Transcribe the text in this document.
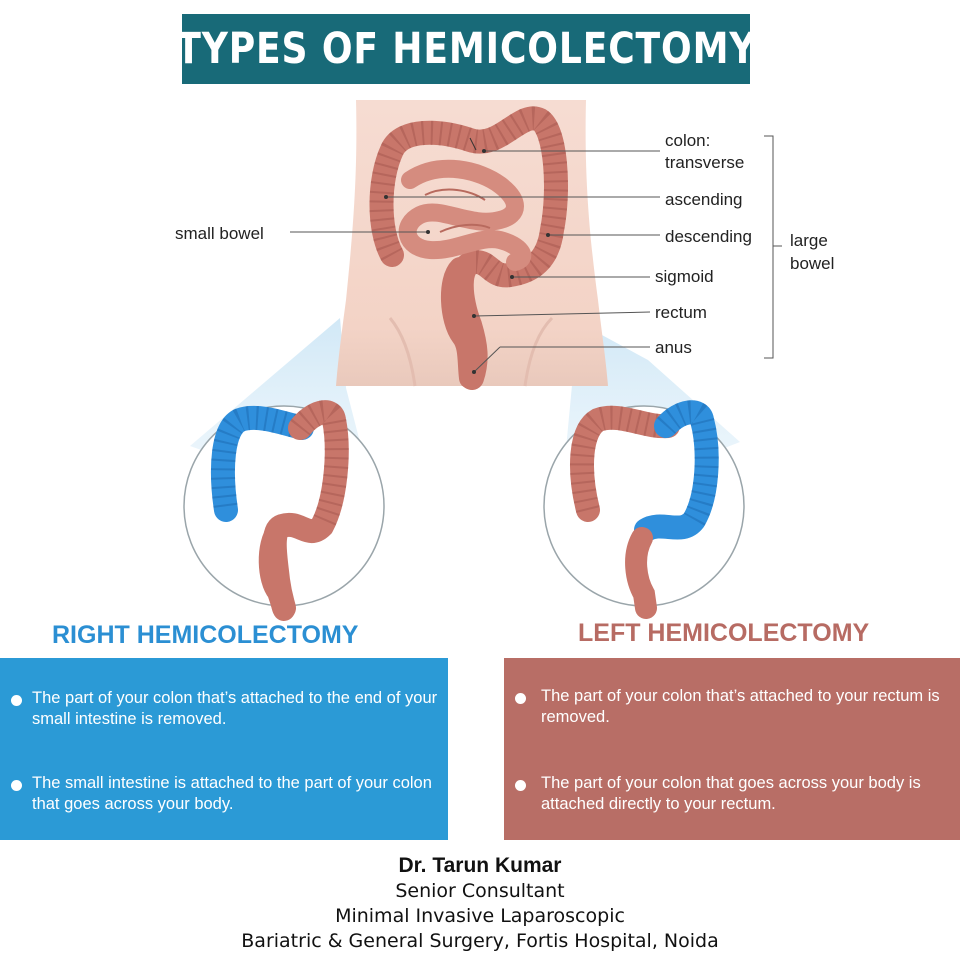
TYPES OF HEMICOLECTOMY
colon:
transverse
ascending
descending
sigmoid
rectum
anus
small bowel	large
bowel
RIGHT HEMICOLECTOMY	LEFT HEMICOLECTOMY
The part of your colon that’s attached to the end of your small intestine is removed.
The small intestine is attached to the part of your colon that goes across your body.
The part of your colon that’s attached to your rectum is removed.
The part of your colon that goes across your body is attached directly to your rectum.
Dr. Tarun Kumar
Senior Consultant
Minimal Invasive Laparoscopic
Bariatric & General Surgery, Fortis Hospital, Noida
